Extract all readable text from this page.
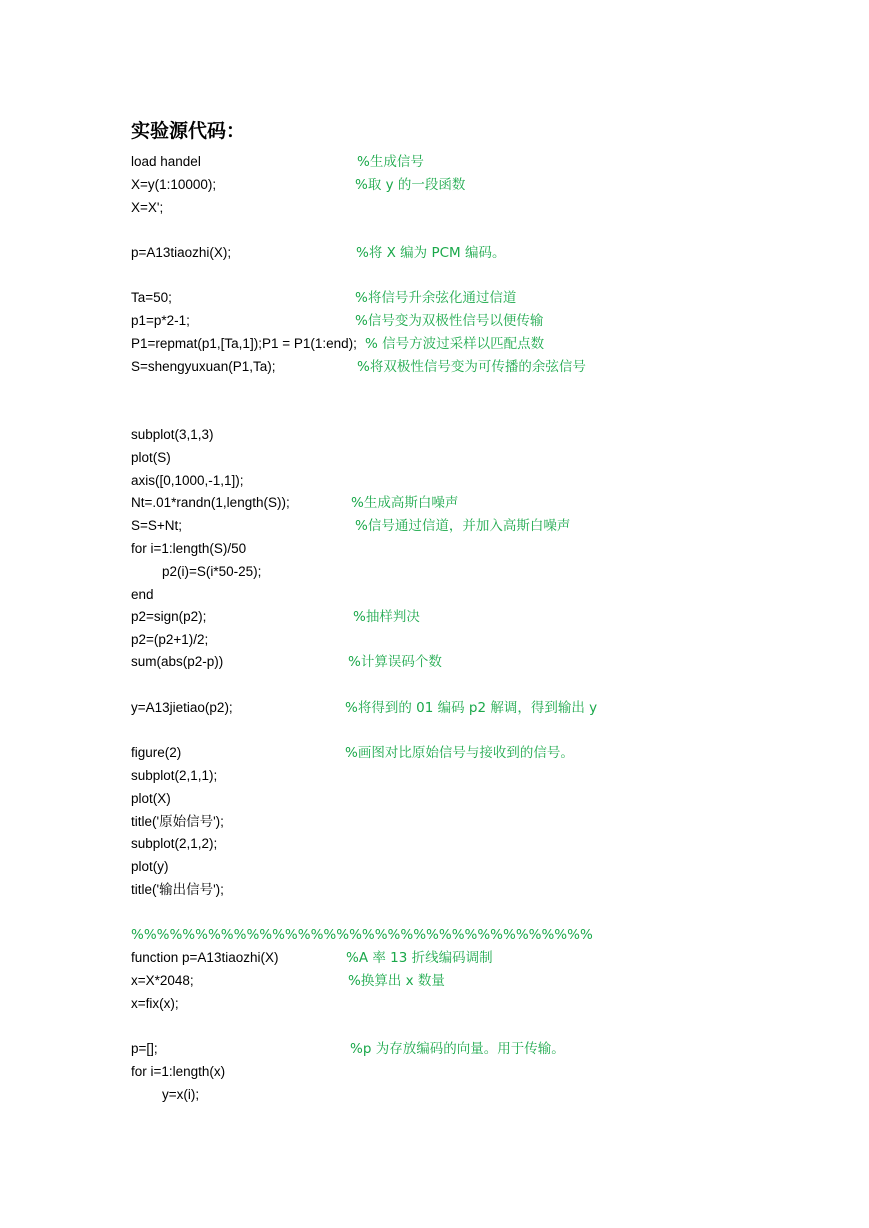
实验源代码：
load handel	%生成信号
X=y(1:10000);	%取 y 的一段函数
X=X';
p=A13tiaozhi(X);	%将 X 编为 PCM 编码。
Ta=50;	%将信号升余弦化通过信道
p1=p*2-1;	%信号变为双极性信号以便传输
P1=repmat(p1,[Ta,1]);P1 = P1(1:end); % 信号方波过采样以匹配点数
S=shengyuxuan(P1,Ta);	%将双极性信号变为可传播的余弦信号
subplot(3,1,3)
plot(S)
axis([0,1000,-1,1]);
Nt=.01*randn(1,length(S));	%生成高斯白噪声
S=S+Nt;	%信号通过信道，并加入高斯白噪声
for i=1:length(S)/50
p2(i)=S(i*50-25);
end
p2=sign(p2);	%抽样判决
p2=(p2+1)/2;
sum(abs(p2-p))	%计算误码个数
y=A13jietiao(p2);	%将得到的 01 编码 p2 解调，得到输出 y
figure(2)	%画图对比原始信号与接收到的信号。
subplot(2,1,1);
plot(X)
title('原始信号');
subplot(2,1,2);
plot(y)
title('输出信号');
%%%%%%%%%%%%%%%%%%%%%%%%%%%%%%%%%%%%
function p=A13tiaozhi(X)	%A 率 13 折线编码调制
x=X*2048;	%换算出 x 数量
x=fix(x);
p=[];	%p 为存放编码的向量。用于传输。
for i=1:length(x)
y=x(i);
